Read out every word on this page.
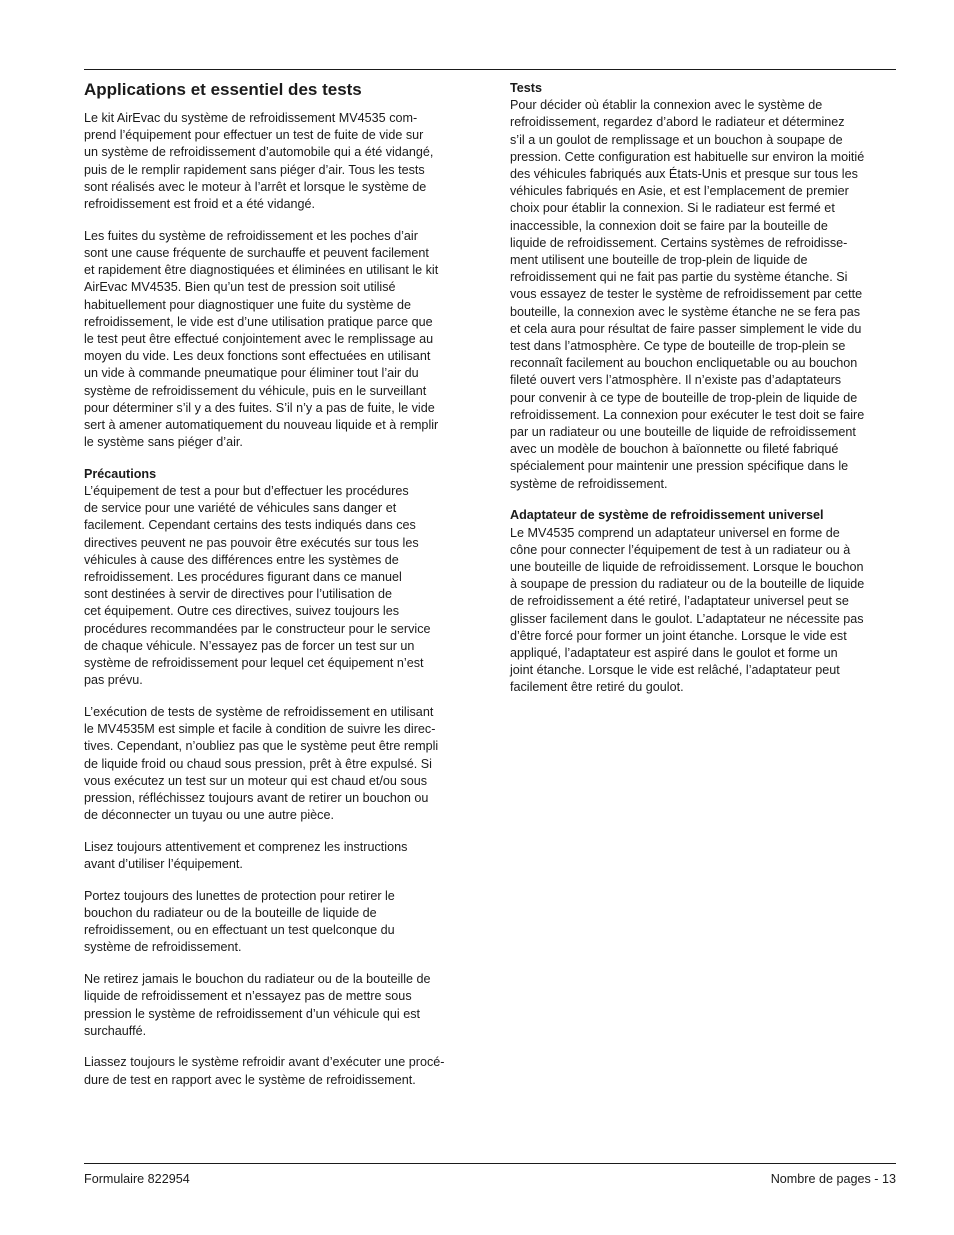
Applications et essentiel des tests

Le kit AirEvac du système de refroidissement MV4535 com-
prend l’équipement pour effectuer un test de fuite de vide sur
un système de refroidissement d’automobile qui a été vidangé,
puis de le remplir rapidement sans piéger d’air. Tous les tests
sont réalisés avec le moteur à l’arrêt et lorsque le système de
refroidissement est froid et a été vidangé.

Les fuites du système de refroidissement et les poches d’air
sont une cause fréquente de surchauffe et peuvent facilement
et rapidement être diagnostiquées et éliminées en utilisant le kit
AirEvac MV4535. Bien qu’un test de pression soit utilisé
habituellement pour diagnostiquer une fuite du système de
refroidissement, le vide est d’une utilisation pratique parce que
le test peut être effectué conjointement avec le remplissage au
moyen du vide. Les deux fonctions sont effectuées en utilisant
un vide à commande pneumatique pour éliminer tout l’air du
système de refroidissement du véhicule, puis en le surveillant
pour déterminer s’il y a des fuites. S’il n’y a pas de fuite, le vide
sert à amener automatiquement du nouveau liquide et à remplir
le système sans piéger d’air.

Précautions

L’équipement de test a pour but d’effectuer les procédures
de service pour une variété de véhicules sans danger et
facilement. Cependant certains des tests indiqués dans ces
directives peuvent ne pas pouvoir être exécutés sur tous les
véhicules à cause des différences entre les systèmes de
refroidissement. Les procédures figurant dans ce manuel
sont destinées à servir de directives pour l’utilisation de
cet équipement. Outre ces directives, suivez toujours les
procédures recommandées par le constructeur pour le service
de chaque véhicule. N’essayez pas de forcer un test sur un
système de refroidissement pour lequel cet équipement n’est
pas prévu.

L’exécution de tests de système de refroidissement en utilisant
le MV4535M est simple et facile à condition de suivre les direc-
tives. Cependant, n’oubliez pas que le système peut être rempli
de liquide froid ou chaud sous pression, prêt à être expulsé. Si
vous exécutez un test sur un moteur qui est chaud et/ou sous
pression, réfléchissez toujours avant de retirer un bouchon ou
de déconnecter un tuyau ou une autre pièce.

Lisez toujours attentivement et comprenez les instructions
avant d’utiliser l’équipement.

Portez toujours des lunettes de protection pour retirer le
bouchon du radiateur ou de la bouteille de liquide de
refroidissement, ou en effectuant un test quelconque du
système de refroidissement.

Ne retirez jamais le bouchon du radiateur ou de la bouteille de
liquide de refroidissement et n’essayez pas de mettre sous
pression le système de refroidissement d’un véhicule qui est
surchauffé.

Liassez toujours le système refroidir avant d’exécuter une procé-
dure de test en rapport avec le système de refroidissement.

Tests
Pour décider où établir la connexion avec le système de
refroidissement, regardez d’abord le radiateur et déterminez
s’il a un goulot de remplissage et un bouchon à soupape de
pression. Cette configuration est habituelle sur environ la moitié
des véhicules fabriqués aux États-Unis et presque sur tous les
véhicules fabriqués en Asie, et est l’emplacement de premier
choix pour établir la connexion. Si le radiateur est fermé et
inaccessible, la connexion doit se faire par la bouteille de
liquide de refroidissement. Certains systèmes de refroidisse-
ment utilisent une bouteille de trop-plein de liquide de
refroidissement qui ne fait pas partie du système étanche. Si
vous essayez de tester le système de refroidissement par cette
bouteille, la connexion avec le système étanche ne se fera pas
et cela aura pour résultat de faire passer simplement le vide du
test dans l’atmosphère. Ce type de bouteille de trop-plein se
reconnaît facilement au bouchon encliquetable ou au bouchon
fileté ouvert vers l’atmosphère. Il n’existe pas d’adaptateurs
pour convenir à ce type de bouteille de trop-plein de liquide de
refroidissement. La connexion pour exécuter le test doit se faire
par un radiateur ou une bouteille de liquide de refroidissement
avec un modèle de bouchon à baïonnette ou fileté fabriqué
spécialement pour maintenir une pression spécifique dans le
système de refroidissement.
Adaptateur de système de refroidissement universel
Le MV4535 comprend un adaptateur universel en forme de
cône pour connecter l’équipement de test à un radiateur ou à
une bouteille de liquide de refroidissement. Lorsque le bouchon
à soupape de pression du radiateur ou de la bouteille de liquide
de refroidissement a été retiré, l’adaptateur universel peut se
glisser facilement dans le goulot. L’adaptateur ne nécessite pas
d’être forcé pour former un joint étanche. Lorsque le vide est
appliqué, l’adaptateur est aspiré dans le goulot et forme un
joint étanche. Lorsque le vide est relâché, l’adaptateur peut
facilement être retiré du goulot.
Formulaire 822954	Nombre de pages - 13
